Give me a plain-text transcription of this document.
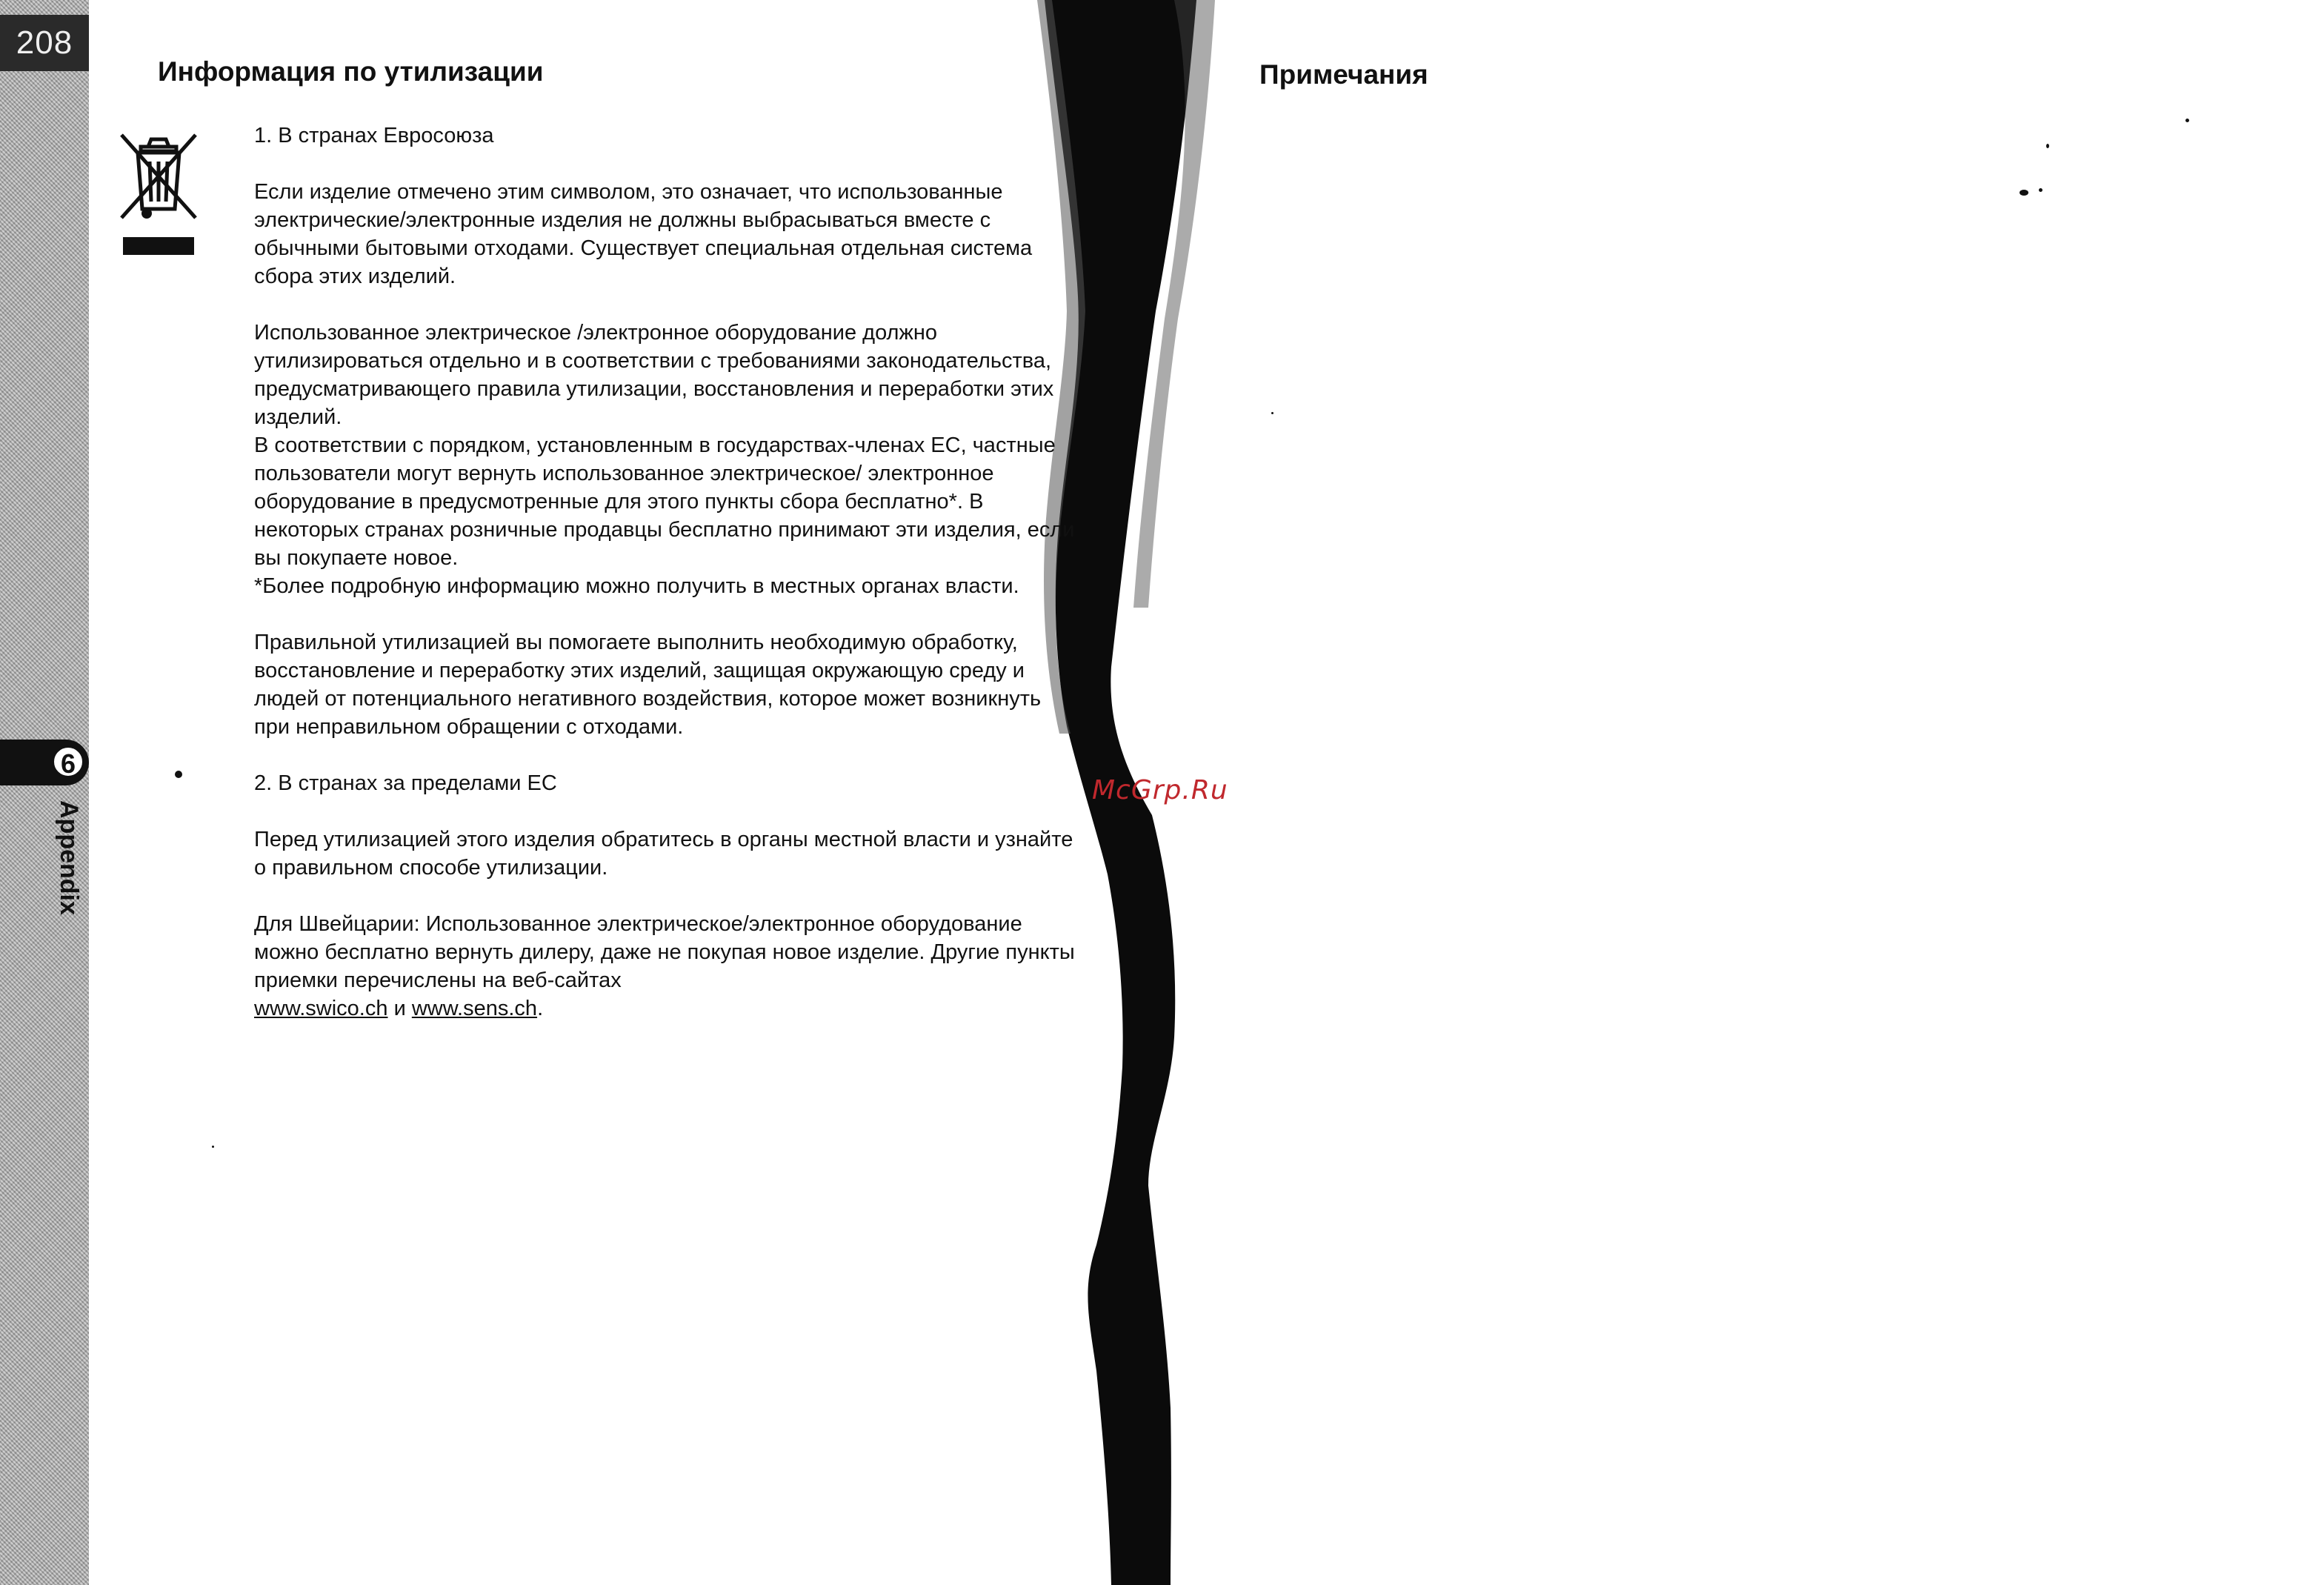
208
6
Appendix
Информация по утилизации

1. В странах Евросоюза

Если изделие отмечено этим символом, это означает, что использованные электрические/электронные изделия не должны выбрасываться вместе с обычными бытовыми отходами. Существует специальная отдельная система сбора этих изделий.

Использованное электрическое /электронное оборудование должно утилизироваться отдельно и в соответствии с требованиями законодательства, предусматривающего правила утилизации, восстановления и переработки этих изделий.

В соответствии с порядком, установленным в государствах-членах ЕС, частные пользователи могут вернуть использованное электрическое/ электронное оборудование в предусмотренные для этого пункты сбора бесплатно*. В некоторых странах розничные продавцы бесплатно принимают эти изделия, если вы покупаете новое.

*Более подробную информацию можно получить в местных органах власти.

Правильной утилизацией вы помогаете выполнить необходимую обработку, восстановление и переработку этих изделий, защищая окружающую среду и людей от потенциального негативного воздействия, которое может возникнуть при неправильном обращении с отходами.

2. В странах за пределами ЕС

Перед утилизацией этого изделия обратитесь в органы местной власти и узнайте о правильном способе утилизации.

Для Швейцарии: Использованное электрическое/электронное оборудование можно бесплатно вернуть дилеру, даже не покупая новое изделие. Другие пункты приемки перечислены на веб-сайтах
www.swico.ch и www.sens.ch.

McGrp.Ru
Примечания
